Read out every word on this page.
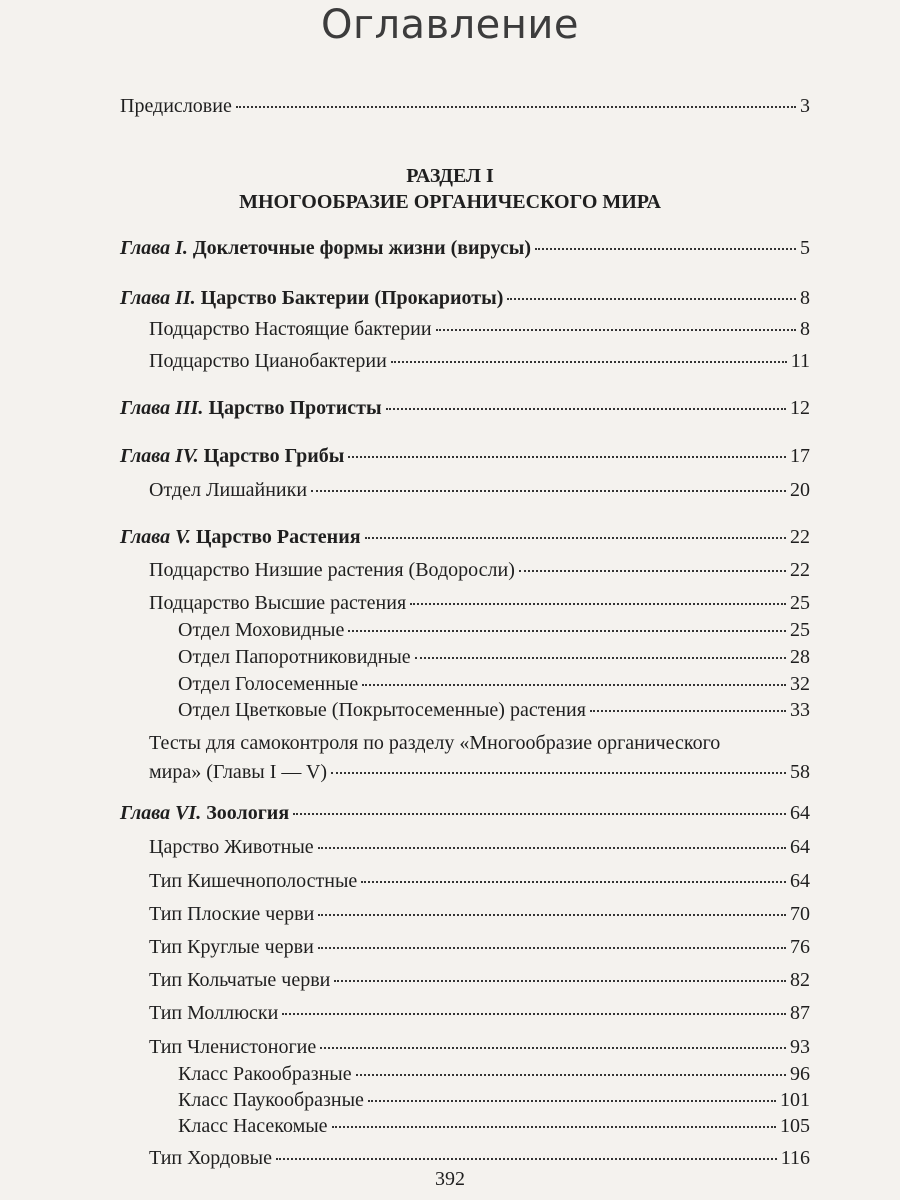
Оглавление
Предисловие	3
РАЗДЕЛ I
МНОГООБРАЗИЕ ОРГАНИЧЕСКОГО МИРА
Глава I. Доклеточные формы жизни (вирусы)	5
Глава II. Царство Бактерии (Прокариоты)	8
Подцарство Настоящие бактерии	8
Подцарство Цианобактерии	11
Глава III. Царство Протисты	12
Глава IV. Царство Грибы	17
Отдел Лишайники	20
Глава V. Царство Растения	22
Подцарство Низшие растения (Водоросли)	22
Подцарство Высшие растения	25
Отдел Моховидные	25
Отдел Папоротниковидные	28
Отдел Голосеменные	32
Отдел Цветковые (Покрытосеменные) растения	33
Тесты для самоконтроля по разделу «Многообразие органического
мира» (Главы I — V)	58
Глава VI. Зоология	64
Царство Животные	64
Тип Кишечнополостные	64
Тип Плоские черви	70
Тип Круглые черви	76
Тип Кольчатые черви	82
Тип Моллюски	87
Тип Членистоногие	93
Класс Ракообразные	96
Класс Паукообразные	101
Класс Насекомые	105
Тип Хордовые	116
392
